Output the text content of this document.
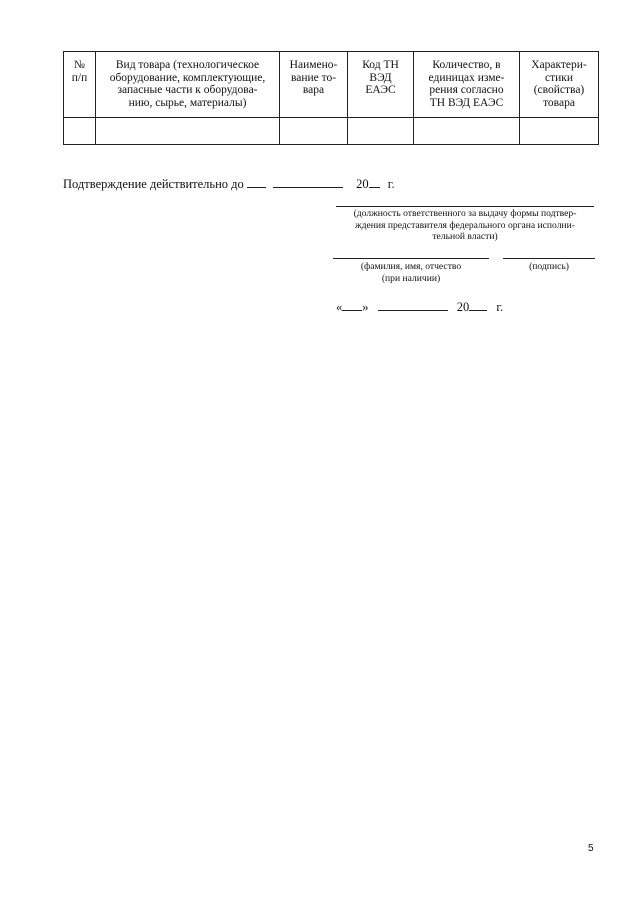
№
п/п	Вид товара (технологическое
оборудование, комплектующие,
запасные части к оборудова-
нию, сырье, материалы)	Наимено-
вание то-
вара	Код ТН
ВЭД
ЕАЭС	Количество, в
единицах изме-
рения согласно
ТН ВЭД ЕАЭС	Характери-
стики
(свойства)
товара

Подтверждение действительно до	20 г.
(должность ответственного за выдачу формы подтвер-
ждения представителя федерального органа исполни-
тельной власти)
(фамилия, имя, отчество
(при наличии)
(подпись)
« »	20 г.
5
